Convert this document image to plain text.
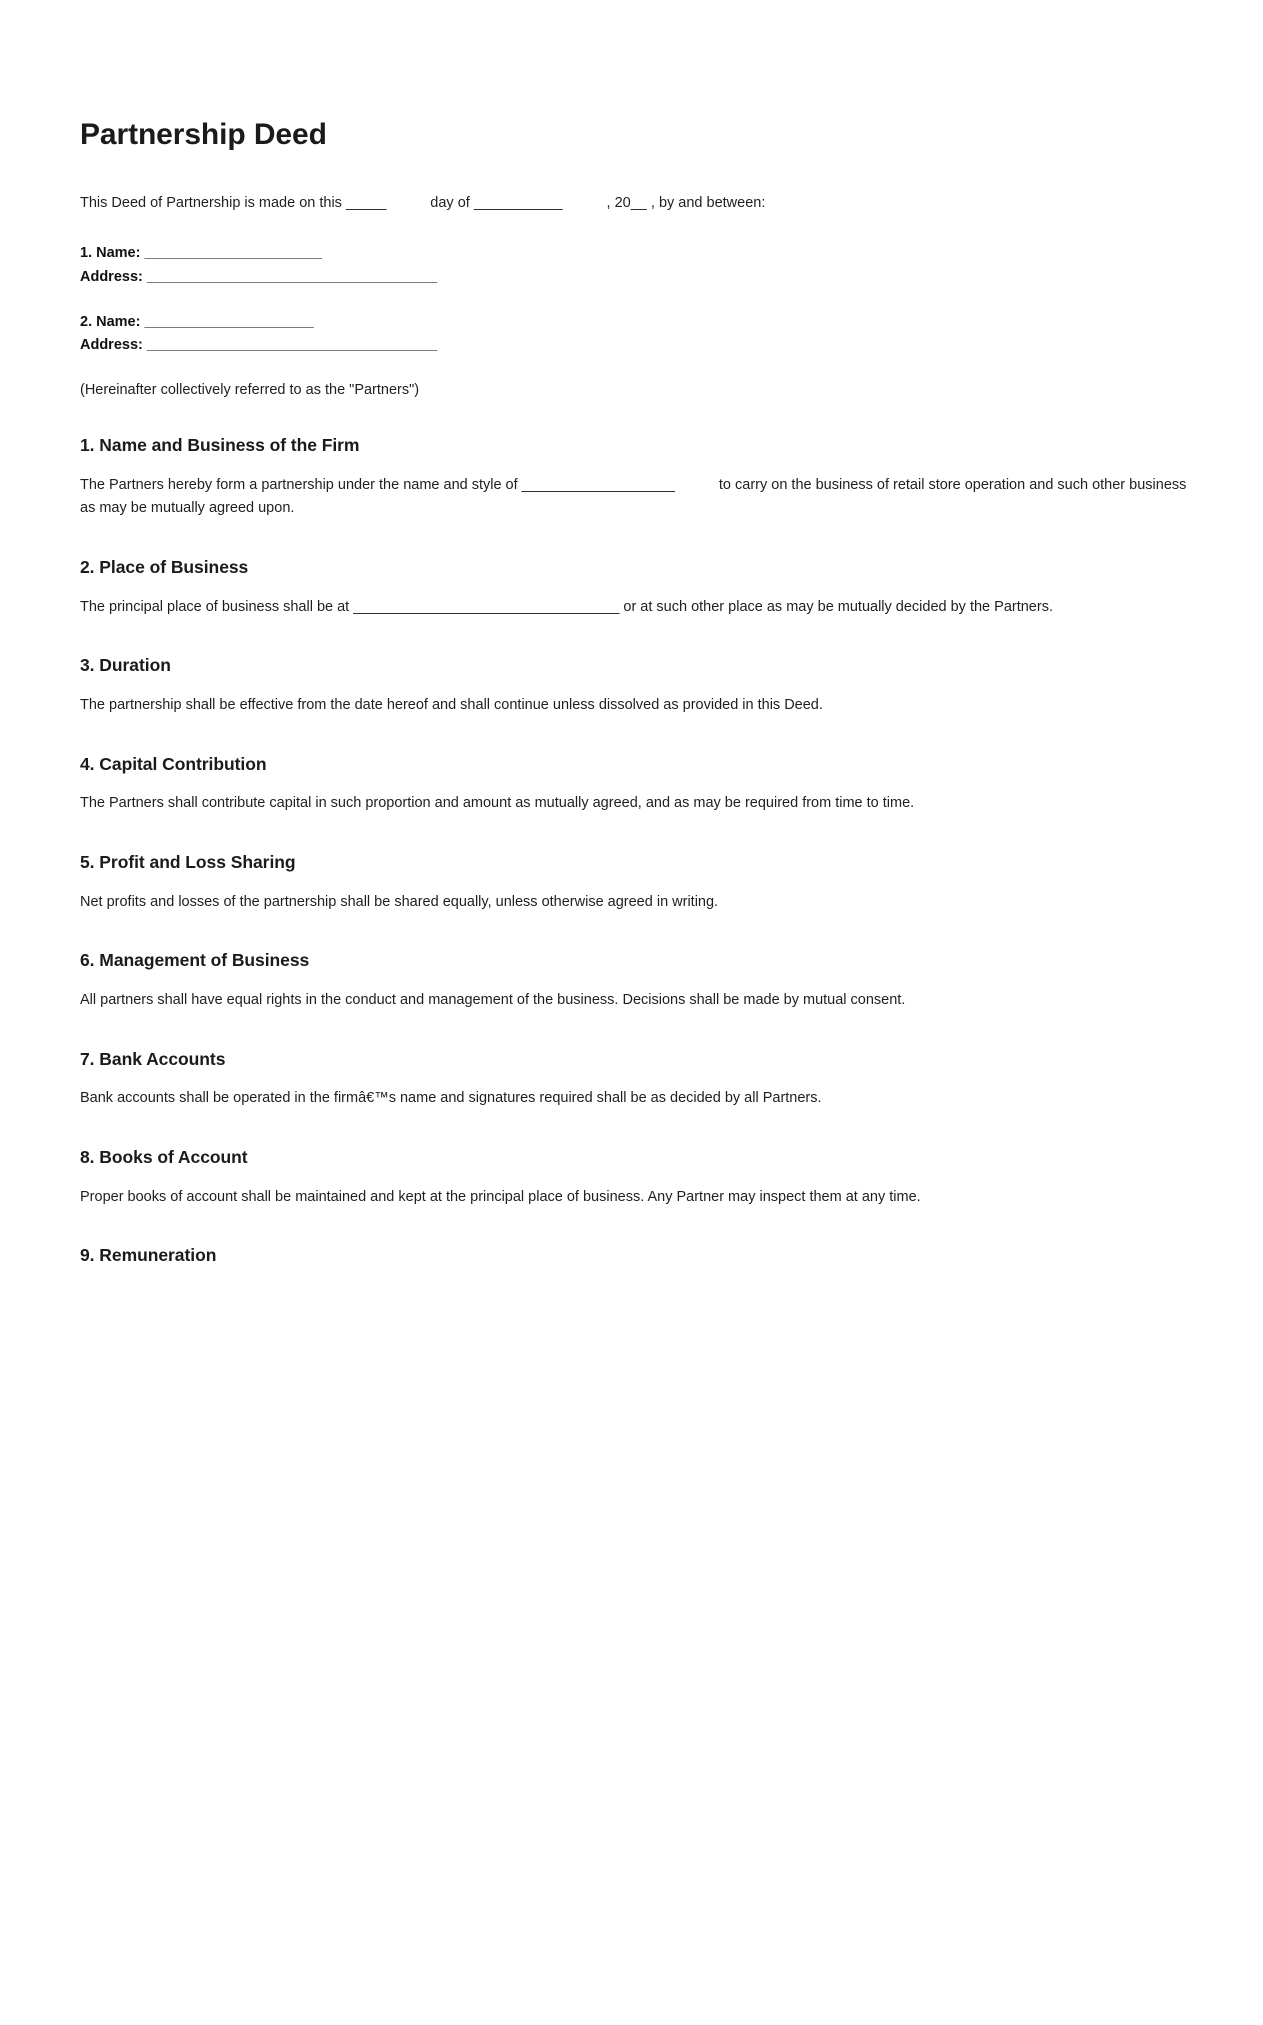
Partnership Deed

This Deed of Partnership is made on this _____	day of ___________	, 20__ , by and between:

1. Name: ______________________
Address: ____________________________________
2. Name: _____________________
Address: ____________________________________

(Hereinafter collectively referred to as the "Partners")

1. Name and Business of the Firm

The Partners hereby form a partnership under the name and style of ___________________	to carry on the business of retail store operation and such other business as may be mutually agreed upon.

2. Place of Business

The principal place of business shall be at _________________________________ or at such other place as may be mutually decided by the Partners.

3. Duration

The partnership shall be effective from the date hereof and shall continue unless dissolved as provided in this Deed.

4. Capital Contribution

The Partners shall contribute capital in such proportion and amount as mutually agreed, and as may be required from time to time.

5. Profit and Loss Sharing

Net profits and losses of the partnership shall be shared equally, unless otherwise agreed in writing.

6. Management of Business

All partners shall have equal rights in the conduct and management of the business. Decisions shall be made by mutual consent.

7. Bank Accounts

Bank accounts shall be operated in the firmâ€™s name and signatures required shall be as decided by all Partners.

8. Books of Account

Proper books of account shall be maintained and kept at the principal place of business. Any Partner may inspect them at any time.

9. Remuneration
